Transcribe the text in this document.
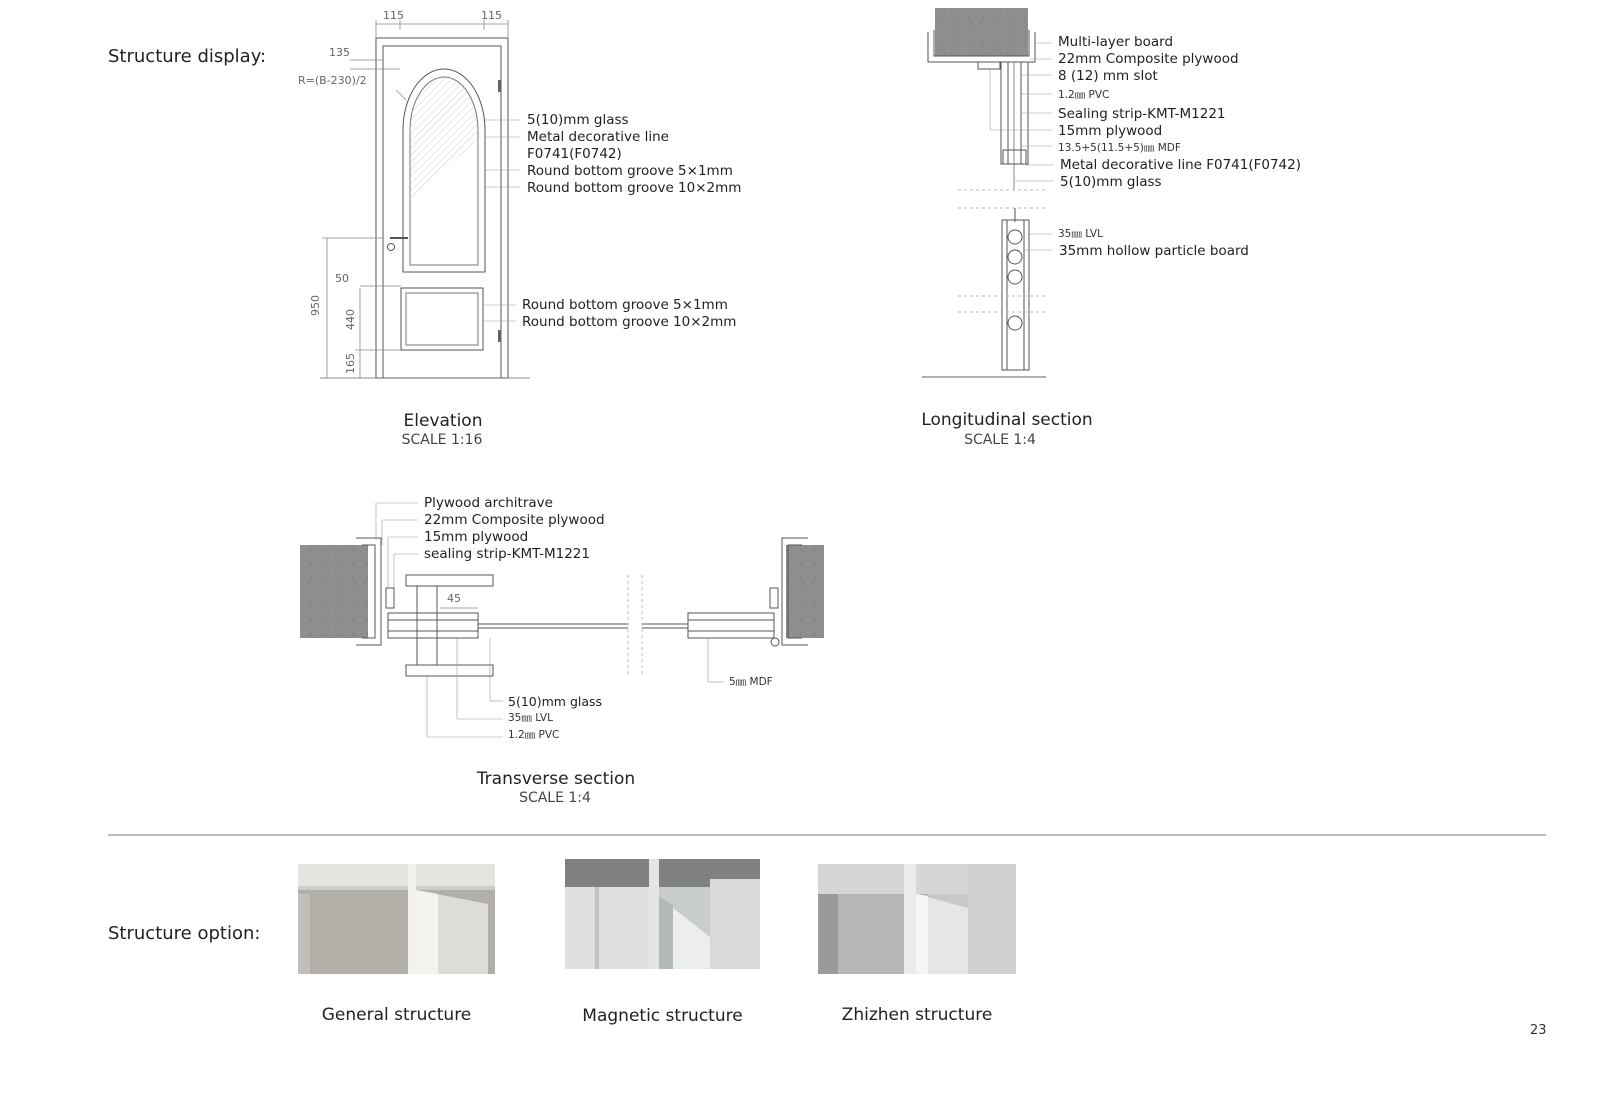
Structure display:
Structure option:
115	115
135
R=(B-230)/2
50
950
440
165
5(10)mm glass
Metal decorative line
F0741(F0742)
Round bottom groove 5×1mm
Round bottom groove 10×2mm
Round bottom groove 5×1mm
Round bottom groove 10×2mm
Elevation
SCALE 1:16
Multi-layer board
22mm Composite plywood
8 (12) mm slot
1.2㎜ PVC
Sealing strip-KMT-M1221
15mm plywood
13.5+5(11.5+5)㎜ MDF
Metal decorative line F0741(F0742)
5(10)mm glass
35㎜ LVL
35mm hollow particle board
Longitudinal section
SCALE 1:4
Plywood architrave
22mm Composite plywood
15mm plywood
sealing strip-KMT-M1221
45
5(10)mm glass
35㎜ LVL
1.2㎜ PVC
5㎜ MDF
Transverse section
SCALE 1:4
General structure	Magnetic structure	Zhizhen structure
23
